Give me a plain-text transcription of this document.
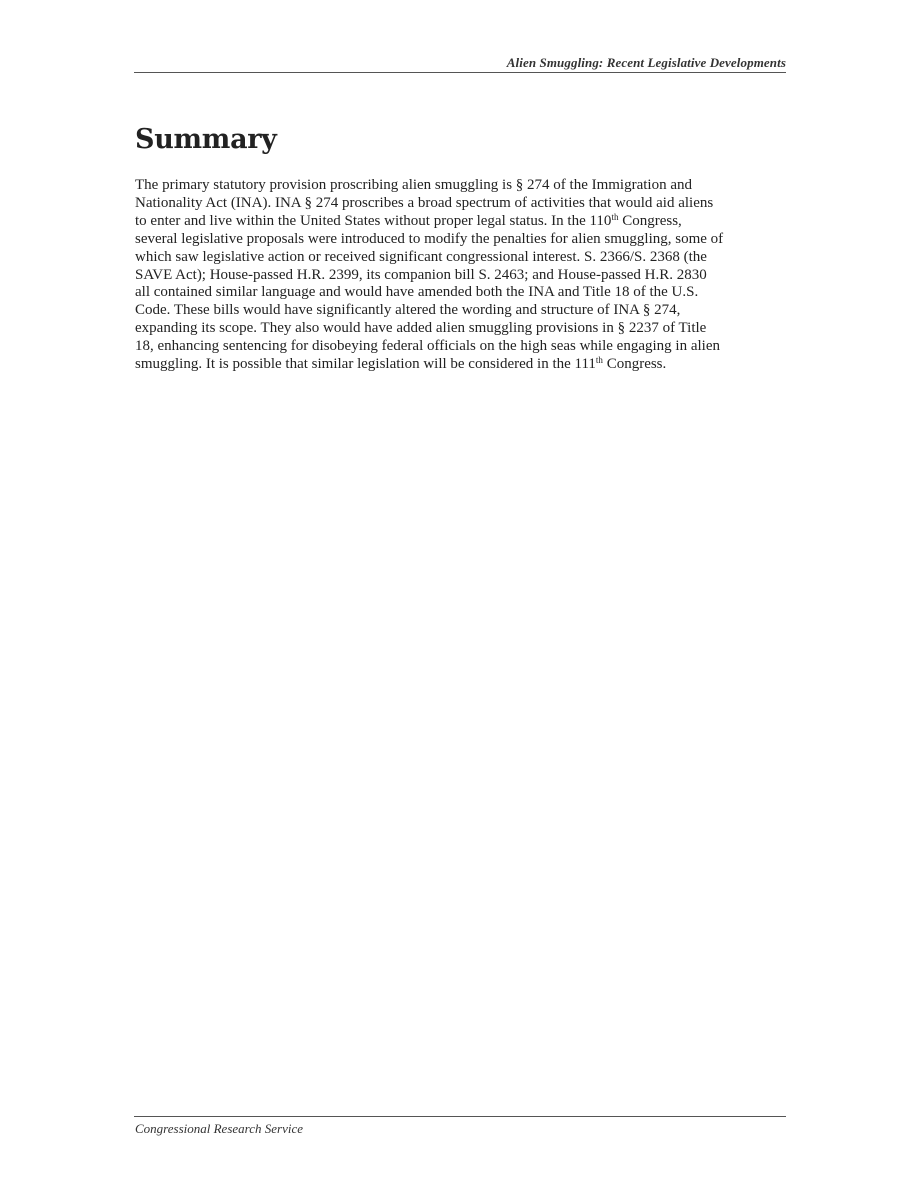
Alien Smuggling: Recent Legislative Developments
Summary

The primary statutory provision proscribing alien smuggling is § 274 of the Immigration and
Nationality Act (INA). INA § 274 proscribes a broad spectrum of activities that would aid aliens
to enter and live within the United States without proper legal status. In the 110th Congress,
several legislative proposals were introduced to modify the penalties for alien smuggling, some of
which saw legislative action or received significant congressional interest. S. 2366/S. 2368 (the
SAVE Act); House-passed H.R. 2399, its companion bill S. 2463; and House-passed H.R. 2830
all contained similar language and would have amended both the INA and Title 18 of the U.S.
Code. These bills would have significantly altered the wording and structure of INA § 274,
expanding its scope. They also would have added alien smuggling provisions in § 2237 of Title
18, enhancing sentencing for disobeying federal officials on the high seas while engaging in alien
smuggling. It is possible that similar legislation will be considered in the 111th Congress.

Congressional Research Service
